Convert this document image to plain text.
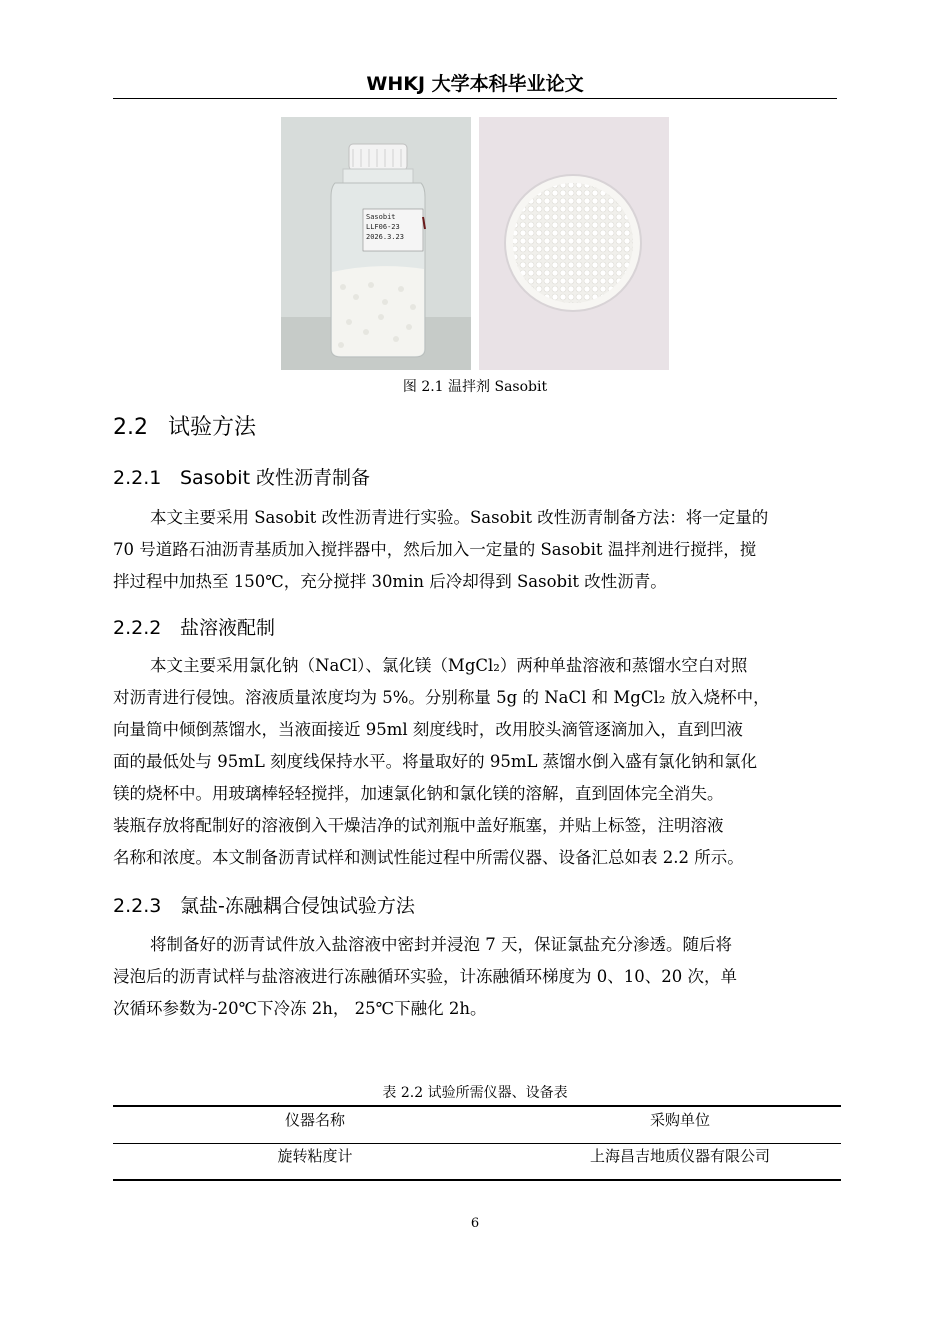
WHKJ 大学本科毕业论文
Sasobit
LLF06-23
2026.3.23
图 2.1 温拌剂 Sasobit
2.2 试验方法
2.2.1 Sasobit 改性沥青制备
本文主要采用 Sasobit 改性沥青进行实验。Sasobit 改性沥青制备方法：将一定量的
70 号道路石油沥青基质加入搅拌器中，然后加入一定量的 Sasobit 温拌剂进行搅拌，搅
拌过程中加热至 150℃，充分搅拌 30min 后冷却得到 Sasobit 改性沥青。
2.2.2 盐溶液配制
本文主要采用氯化钠（NaCl）、氯化镁（MgCl₂）两种单盐溶液和蒸馏水空白对照
对沥青进行侵蚀。溶液质量浓度均为 5%。分别称量 5g 的 NaCl 和 MgCl₂ 放入烧杯中，
向量筒中倾倒蒸馏水，当液面接近 95ml 刻度线时，改用胶头滴管逐滴加入，直到凹液
面的最低处与 95mL 刻度线保持水平。将量取好的 95mL 蒸馏水倒入盛有氯化钠和氯化
镁的烧杯中。用玻璃棒轻轻搅拌，加速氯化钠和氯化镁的溶解，直到固体完全消失。
装瓶存放将配制好的溶液倒入干燥洁净的试剂瓶中盖好瓶塞，并贴上标签，注明溶液
名称和浓度。本文制备沥青试样和测试性能过程中所需仪器、设备汇总如表 2.2 所示。
2.2.3 氯盐-冻融耦合侵蚀试验方法
将制备好的沥青试件放入盐溶液中密封并浸泡 7 天，保证氯盐充分渗透。随后将
浸泡后的沥青试样与盐溶液进行冻融循环实验，计冻融循环梯度为 0、10、20 次，单
次循环参数为-20℃下冷冻 2h， 25℃下融化 2h。
表 2.2 试验所需仪器、设备表
仪器名称	采购单位
旋转粘度计	上海昌吉地质仪器有限公司
6
